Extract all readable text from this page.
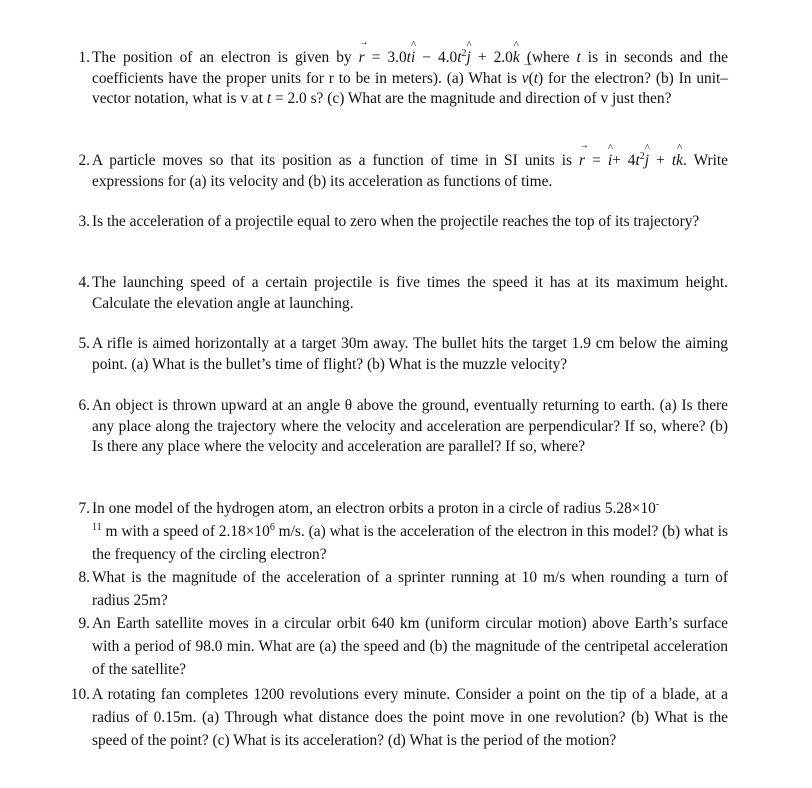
1. The position of an electron is given by → r = 3.0t^ $i - 4.0t^2\^{}$ j + 2.0^ k (where t is in seconds and the coefficients have the proper units for r to be in meters). (a) What is → v(t) for the electron? (b) In unit–vector notation, what is v at t = 2.0 s? (c) What are the magnitude and direction of v just then?
2. A particle moves so that its position as a function of time in SI units is → r = ^ $i+ 4t^2\^{}$ j + t^ k. Write expressions for (a) its velocity and (b) its acceleration as functions of time.
3. Is the acceleration of a projectile equal to zero when the projectile reaches the top of its trajectory?
4. The launching speed of a certain projectile is five times the speed it has at its maximum height. Calculate the elevation angle at launching.
5. A rifle is aimed horizontally at a target 30m away. The bullet hits the target 1.9 cm below the aiming point. (a) What is the bullet’s time of flight? (b) What is the muzzle velocity?
6. An object is thrown upward at an angle θ above the ground, eventually returning to earth. (a) Is there any place along the trajectory where the velocity and acceleration are perpendicular? If so, where? (b) Is there any place where the velocity and acceleration are parallel? If so, where?
7. In one model of the hydrogen atom, an electron orbits a proton in a circle of radius 5.28×10-
$^{11}$ m with a speed of $2.18\times 10^6$ m/s. (a) what is the acceleration of the electron in this model? (b) what is the frequency of the circling electron?
8. What is the magnitude of the acceleration of a sprinter running at 10 m/s when rounding a turn of radius 25m?
9. An Earth satellite moves in a circular orbit 640 km (uniform circular motion) above Earth’s surface with a period of 98.0 min. What are (a) the speed and (b) the magnitude of the centripetal acceleration of the satellite?
10. A rotating fan completes 1200 revolutions every minute. Consider a point on the tip of a blade, at a radius of 0.15m. (a) Through what distance does the point move in one revolution? (b) What is the speed of the point? (c) What is its acceleration? (d) What is the period of the motion?
